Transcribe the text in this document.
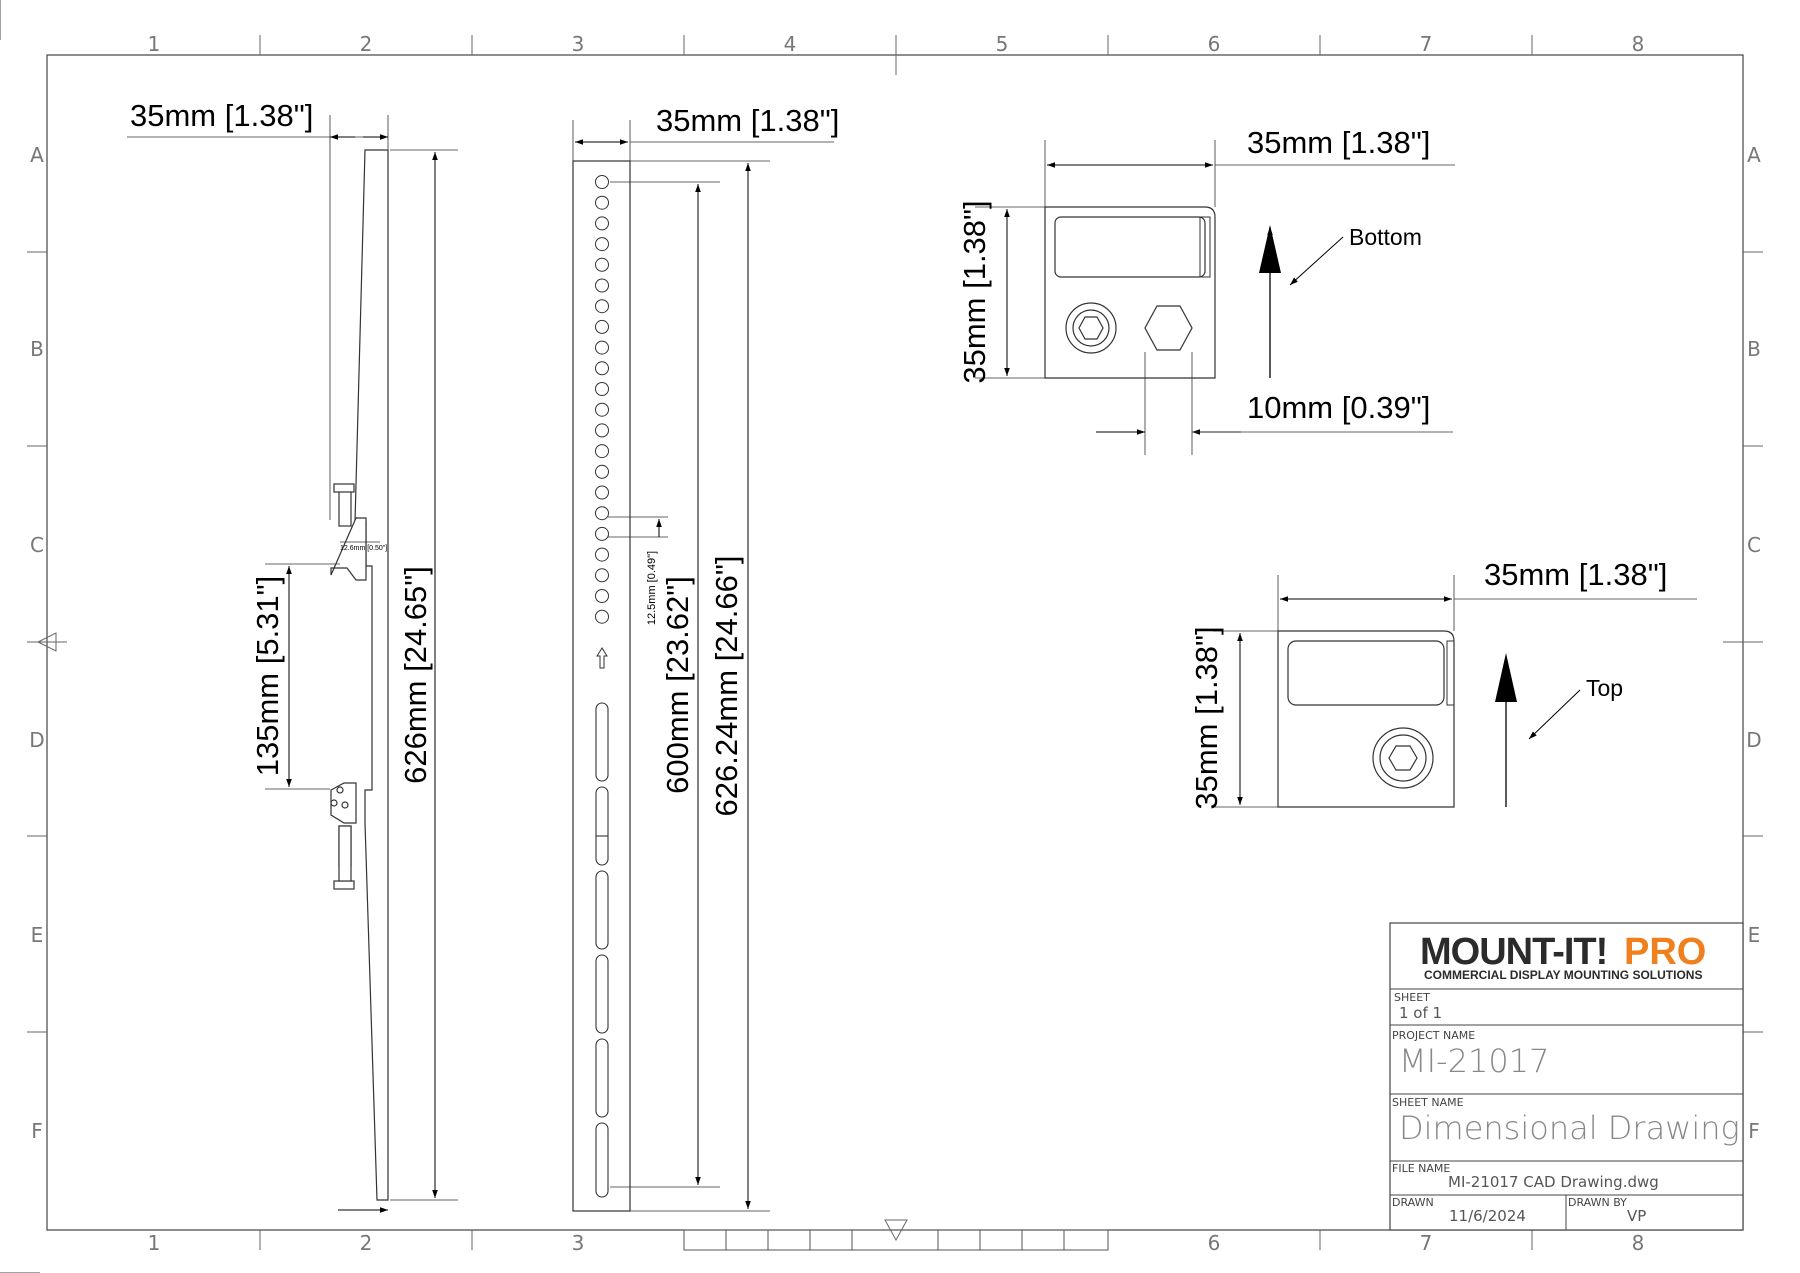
1	2	3	4	5	6	7	8
1	2	3	6	7	8
A
B
C
D
E
F
A
B
C
D
E
F
35mm [1.38"]
626mm [24.65"]
135mm [5.31"]
12.6mm [0.50"]
35mm [1.38"]
600mm [23.62"] 626.24mm [24.66"]
12.5mm [0.49"]
35mm [1.38"]
35mm [1.38"]
10mm [0.39"]
Bottom
35mm [1.38"]
35mm [1.38"]	Top
MOUNT-IT! PRO
COMMERCIAL DISPLAY MOUNTING SOLUTIONS
SHEET
1 of 1
PROJECT NAME
MI-21017
SHEET NAME
Dimensional Drawing
FILE NAME
MI-21017 CAD Drawing.dwg
DRAWN
11/6/2024
DRAWN BY
VP
